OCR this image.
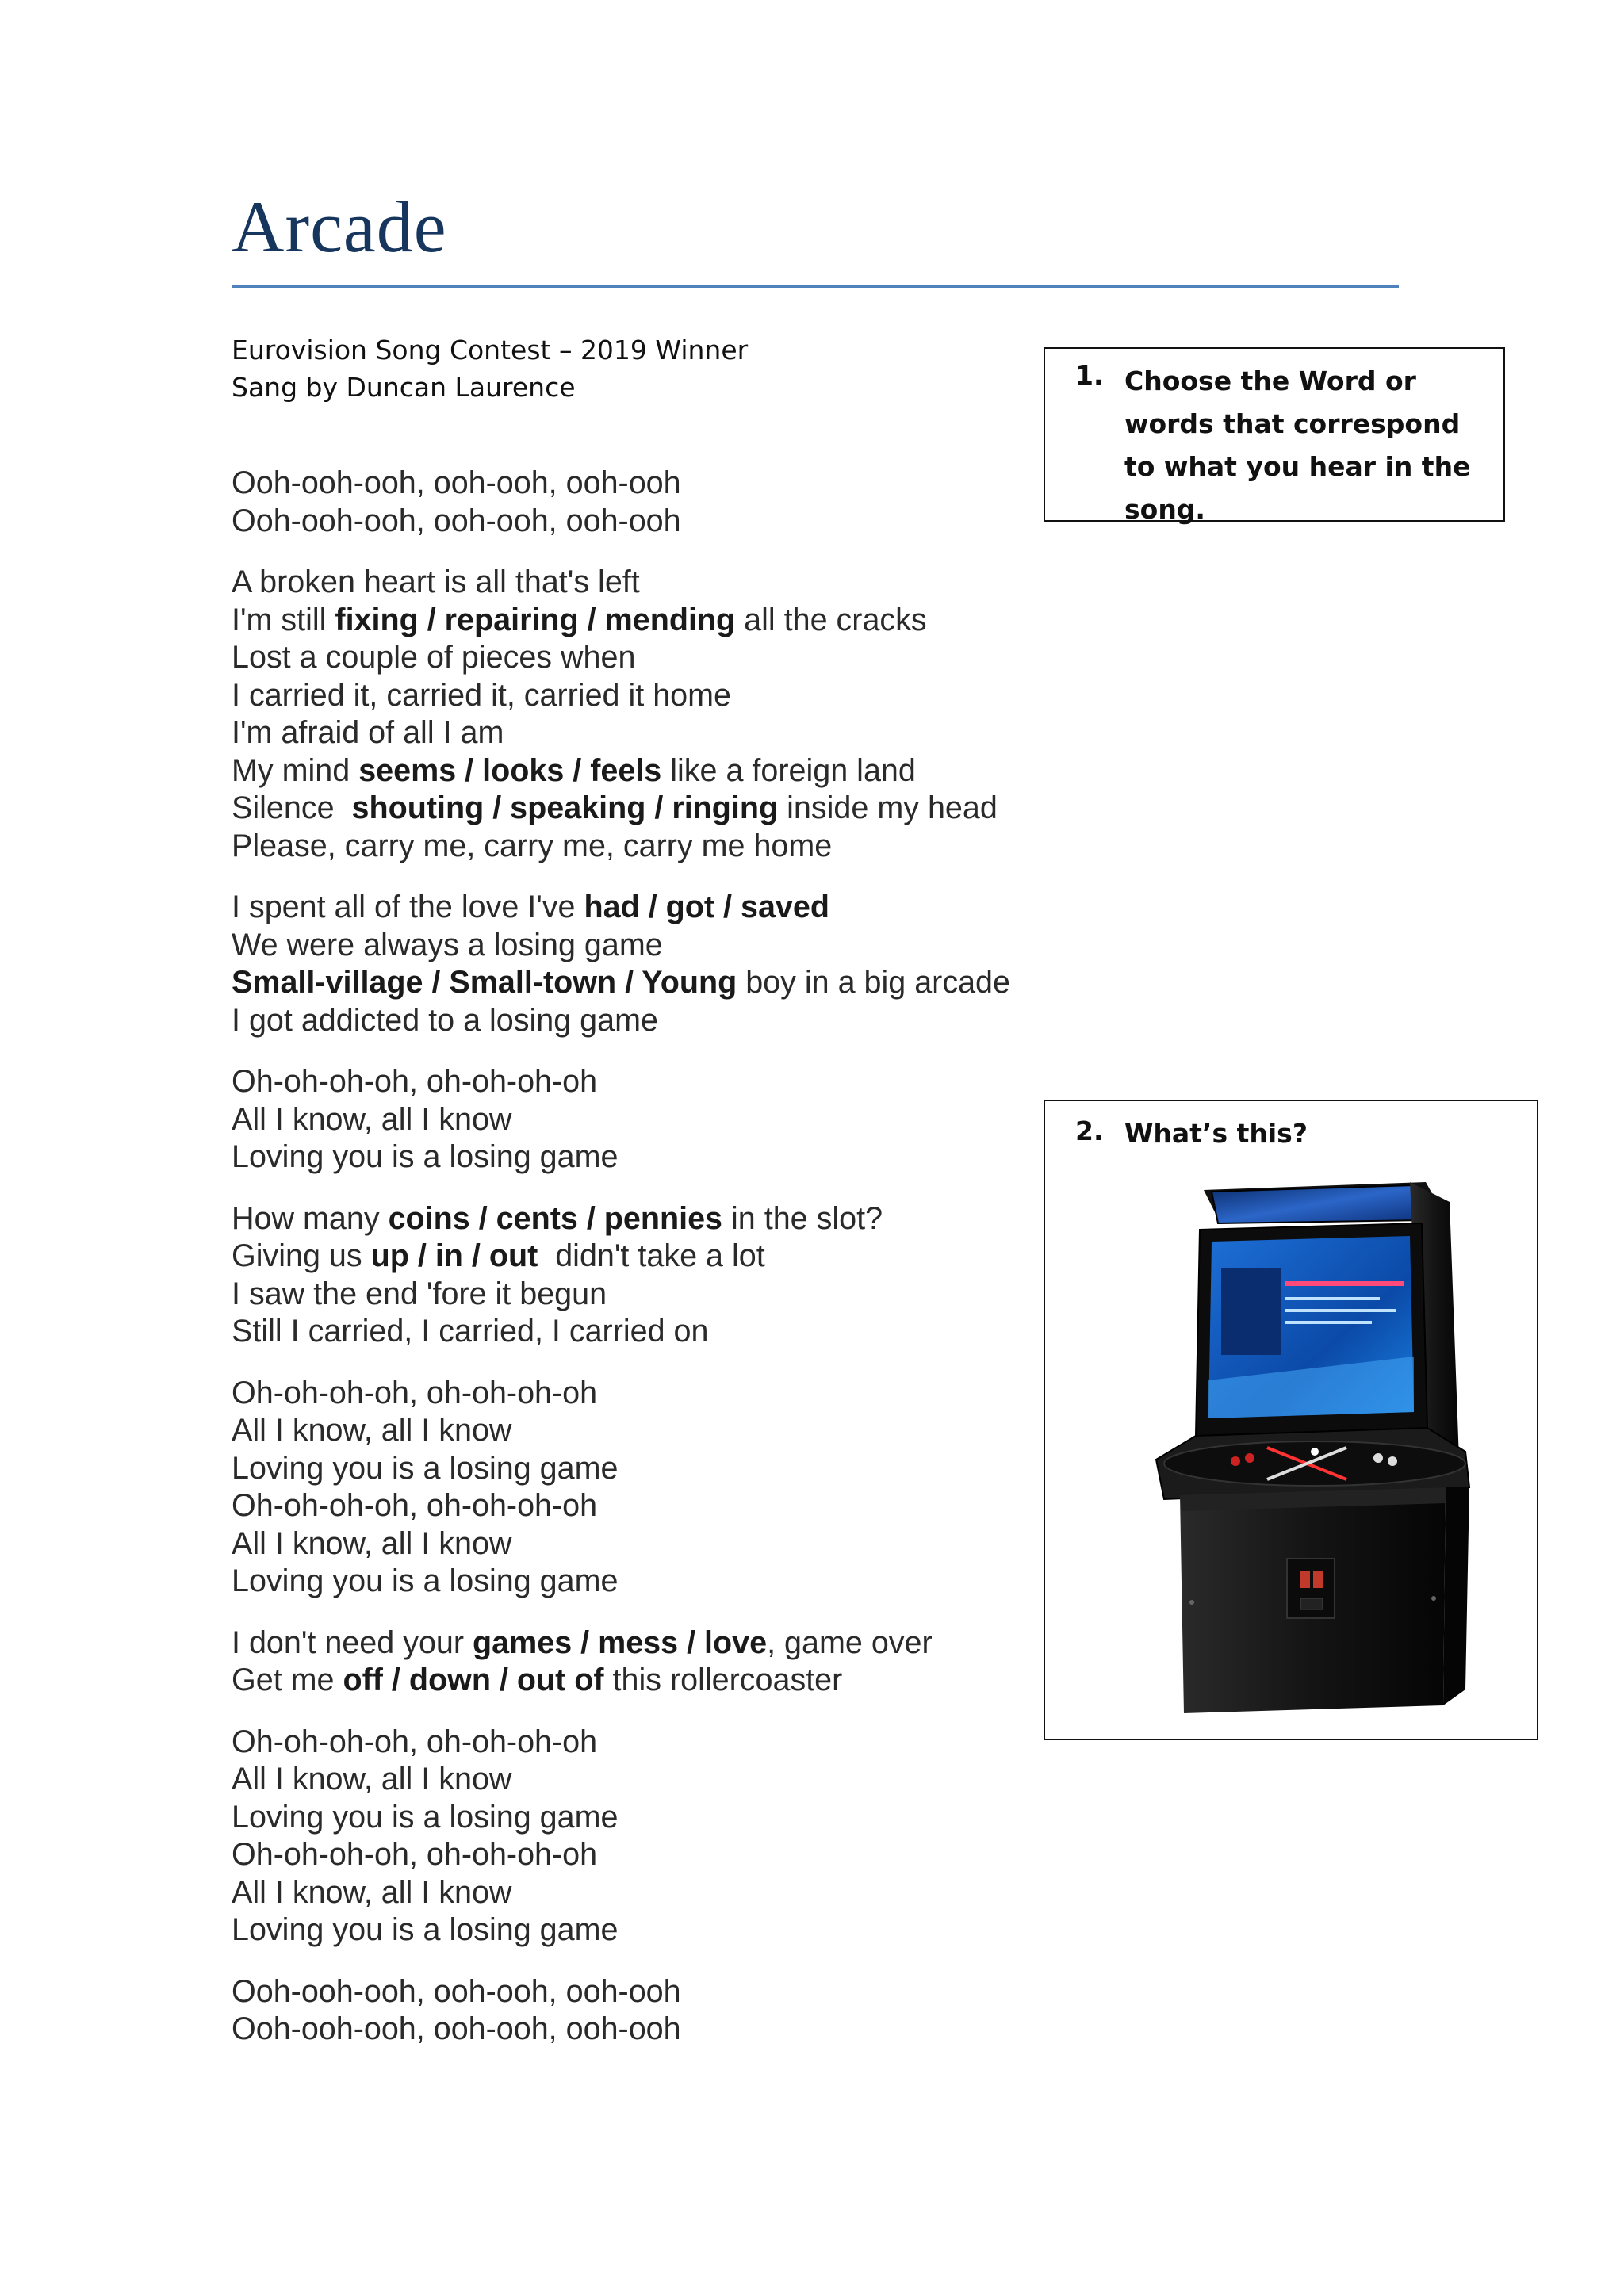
Arcade
Eurovision Song Contest – 2019 Winner
Sang by Duncan Laurence
Ooh-ooh-ooh, ooh-ooh, ooh-ooh
Ooh-ooh-ooh, ooh-ooh, ooh-ooh
A broken heart is all that's left
I'm still fixing / repairing / mending all the cracks
Lost a couple of pieces when
I carried it, carried it, carried it home
I'm afraid of all I am
My mind seems / looks / feels like a foreign land
Silence  shouting / speaking / ringing inside my head
Please, carry me, carry me, carry me home
I spent all of the love I've had / got / saved
We were always a losing game
Small-village / Small-town / Young boy in a big arcade
I got addicted to a losing game
Oh-oh-oh-oh, oh-oh-oh-oh
All I know, all I know
Loving you is a losing game
How many coins / cents / pennies in the slot?
Giving us up / in / out  didn't take a lot
I saw the end 'fore it begun
Still I carried, I carried, I carried on
Oh-oh-oh-oh, oh-oh-oh-oh
All I know, all I know
Loving you is a losing game
Oh-oh-oh-oh, oh-oh-oh-oh
All I know, all I know
Loving you is a losing game
I don't need your games / mess / love, game over
Get me off / down / out of this rollercoaster
Oh-oh-oh-oh, oh-oh-oh-oh
All I know, all I know
Loving you is a losing game
Oh-oh-oh-oh, oh-oh-oh-oh
All I know, all I know
Loving you is a losing game
Ooh-ooh-ooh, ooh-ooh, ooh-ooh
Ooh-ooh-ooh, ooh-ooh, ooh-ooh
1. Choose the Word or words that correspond to what you hear in the song.
2. What’s this?
